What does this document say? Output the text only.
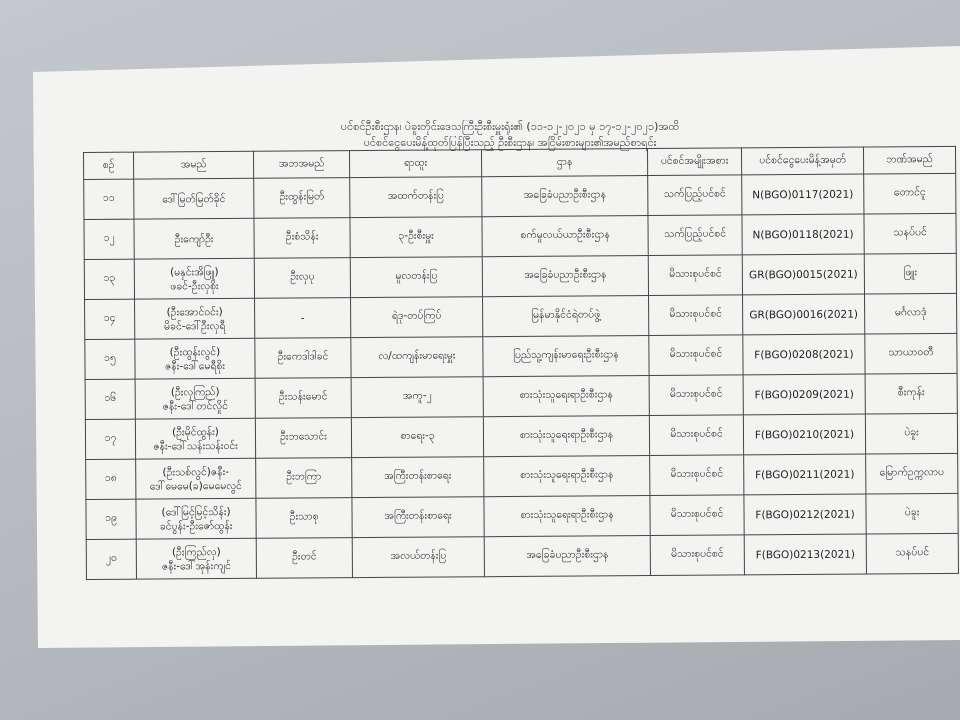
ပင်စင်ဦးစီးဌာန၊ ပဲခူးတိုင်းဒေသကြီးဦးစီးမှူးရုံး၏ (၁၁-၁၂-၂၀၂၁ မှ ၁၇-၁၂-၂၀၂၁)အထိ
ပင်စင်ငွေပေးမိန့်ထုတ်ပြန်ပြီးသည့် ဦးစီးဌာန၊ အငြိမ်းစားများ၏အမည်စာရင်း
စဉ်	အမည်	အဘအမည်	ရာထူး	ဌာန	ပင်စင်အမျိုးအစား	ပင်စင်ငွေပေးမိန့်အမှတ်	ဘဏ်အမည်
၁၁	ဒေါ်မြတ်မြတ်ခိုင်	ဦးထွန်းမြတ်	အထက်တန်းပြ	အခြေခံပညာဦးစီးဌာန	သက်ပြည့်ပင်စင်	N(BGO)0117(2021)	တောင်ငူ
၁၂	ဦးကျော်ဦး	ဦးစံသိန်း	၃-ဦးစီးမှူး	စက်မှုလယ်ယာဦးစီးဌာန	သက်ပြည့်ပင်စင်	N(BGO)0118(2021)	သနပ်ပင်
၁၃	(မနှင်းအိဖြူ)
ဖခင်-ဦးလှစိုး	ဦးလှပု	မူလတန်းပြ	အခြေခံပညာဦးစီးဌာန	မိသားစုပင်စင်	GR(BGO)0015(2021)	ဖြူး
၁၄	(ဦးအောင်ဝင်း)
မိခင်-ဒေါ်ဦးလှရီ	-	ရဲဒု-တပ်ကြပ်	မြန်မာနိုင်ငံရဲတပ်ဖွဲ့	မိသားစုပင်စင်	GR(BGO)0016(2021)	မင်္ဂလာဒုံ
၁၅	(ဦးထွန်းလွင်)
ဇနီး-ဒေါ်မေရီစိုး	ဦးကေဒါဒါခင်	လ/ထကျန်းမာရေးမှူး	ပြည်သူ့ကျန်းမာရေးဦးစီးဌာန	မိသားစုပင်စင်	F(BGO)0208(2021)	သာယာဝတီ
၁၆	(ဦးလှကြည်)
ဇနီး-ဒေါ်တင်လှိုင်	ဦးသန်းမောင်	အကူ-၂	စားသုံးသူရေးရာဦးစီးဌာန	မိသားစုပင်စင်	F(BGO)0209(2021)	စီးကုန်း
၁၇	(ဦးမိုင်ထွန်း)
ဇနီး-ဒေါ်သန်းသန်းဝင်း	ဦးဘသောင်း	စာရေး-၃	စားသုံးသူရေးရာဦးစီးဌာန	မိသားစုပင်စင်	F(BGO)0210(2021)	ပဲခူး
၁၈	(ဦးသစ်လွင်)ဇနီး-
ဒေါ်မေမေ(ခ)မေမေလွင်	ဦးဘကြာ	အကြီးတန်းစာရေး	စားသုံးသူရေးရာဦးစီးဌာန	မိသားစုပင်စင်	F(BGO)0211(2021)	မြောက်ဥက္ကလာပ
၁၉	(ဒေါ်မြင့်မြင့်သိန်း)
ခင်ပွန်း-ဦးဇော်ထွန်း	ဦးသာစု	အကြီးတန်းစာရေး	စားသုံးသူရေးရာဦးစီးဌာန	မိသားစုပင်စင်	F(BGO)0212(2021)	ပဲခူး
၂၀	(ဦးကြည်လှ)
ဇနီး-ဒေါ်အုန်းကျင်	ဦးတင်	အလယ်တန်းပြ	အခြေခံပညာဦးစီးဌာန	မိသားစုပင်စင်	F(BGO)0213(2021)	သနပ်ပင်
